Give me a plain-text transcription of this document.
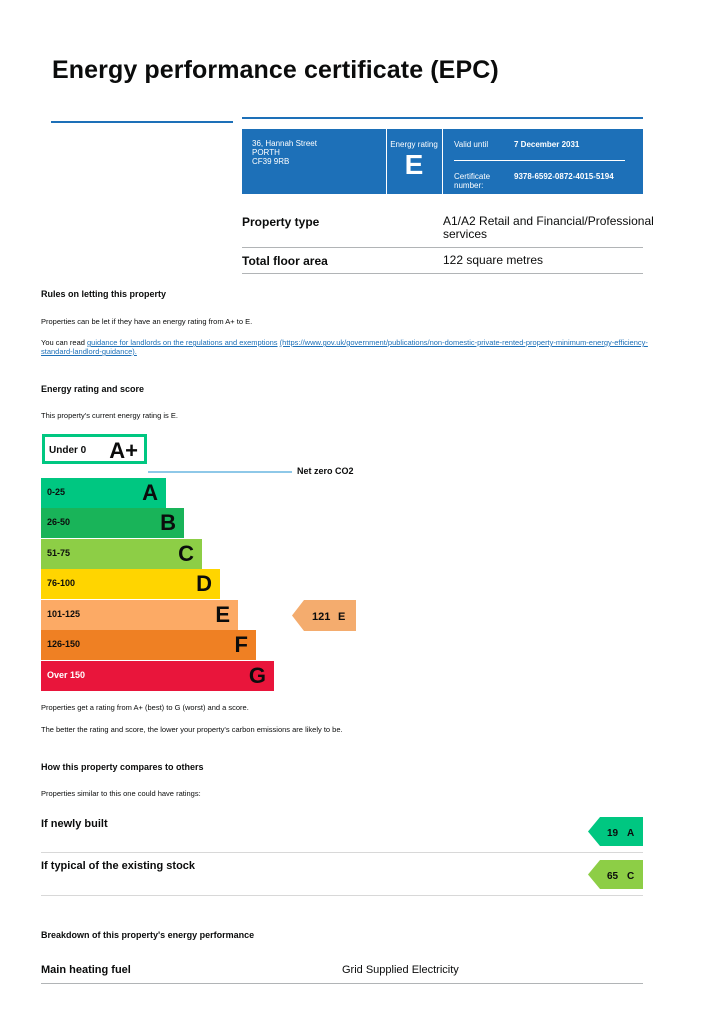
Energy performance certificate (EPC)
36, Hannah Street
PORTH
CF39 9RB
Energy rating
E
Valid until	7 December 2031
Certificate
number:
9378-6592-0872-4015-5194
Property type	A1/A2 Retail and Financial/Professional
services
Total floor area	122 square metres
Rules on letting this property
Properties can be let if they have an energy rating from A+ to E.
You can read guidance for landlords on the regulations and exemptions (https://www.gov.uk/government/publications/non-domestic-private-rented-property-minimum-energy-efficiency-
standard-landlord-guidance).
Energy rating and score
This property's current energy rating is E.
Under 0 A+
Net zero CO2
0-25	A
26-50	B
51-75	C
76-100	D
101-125	E
126-150	F
Over 150	G
121 E
Properties get a rating from A+ (best) to G (worst) and a score.
The better the rating and score, the lower your property's carbon emissions are likely to be.
How this property compares to others
Properties similar to this one could have ratings:
If newly built
19 A
If typical of the existing stock
65 C
Breakdown of this property's energy performance
Main heating fuel	Grid Supplied Electricity
